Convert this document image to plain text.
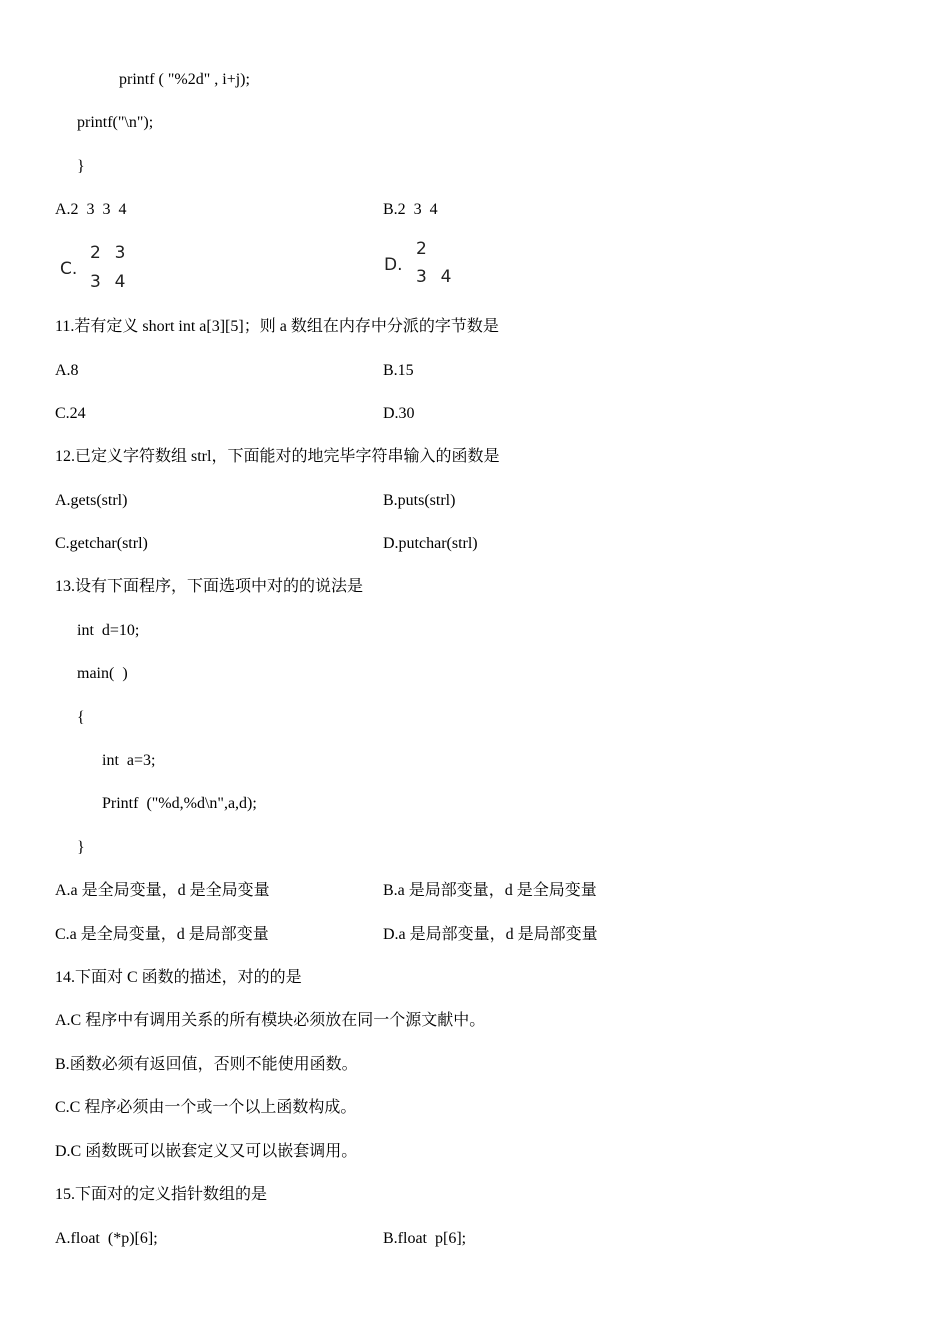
printf ( "%2d" , i+j);
printf("\n");
}
A.2  3  3  4	B.2  3  4
C.
2  3
3  4
D.
2
3  4
11.若有定义 short int a[3][5]；则 a 数组在内存中分派的字节数是
A.8	B.15
C.24	D.30
12.已定义字符数组 strl，下面能对的地完毕字符串输入的函数是
A.gets(strl)	B.puts(strl)
C.getchar(strl)	D.putchar(strl)
13.设有下面程序，下面选项中对的的说法是
int  d=10;
main(  )
{
int  a=3;
Printf  ("%d,%d\n",a,d);
}
A.a 是全局变量，d 是全局变量	B.a 是局部变量，d 是全局变量
C.a 是全局变量，d 是局部变量	D.a 是局部变量，d 是局部变量
14.下面对 C 函数的描述，对的的是
A.C 程序中有调用关系的所有模块必须放在同一个源文献中。
B.函数必须有返回值，否则不能使用函数。
C.C 程序必须由一个或一个以上函数构成。
D.C 函数既可以嵌套定义又可以嵌套调用。
15.下面对的定义指针数组的是
A.float  (*p)[6];	B.float  p[6];
